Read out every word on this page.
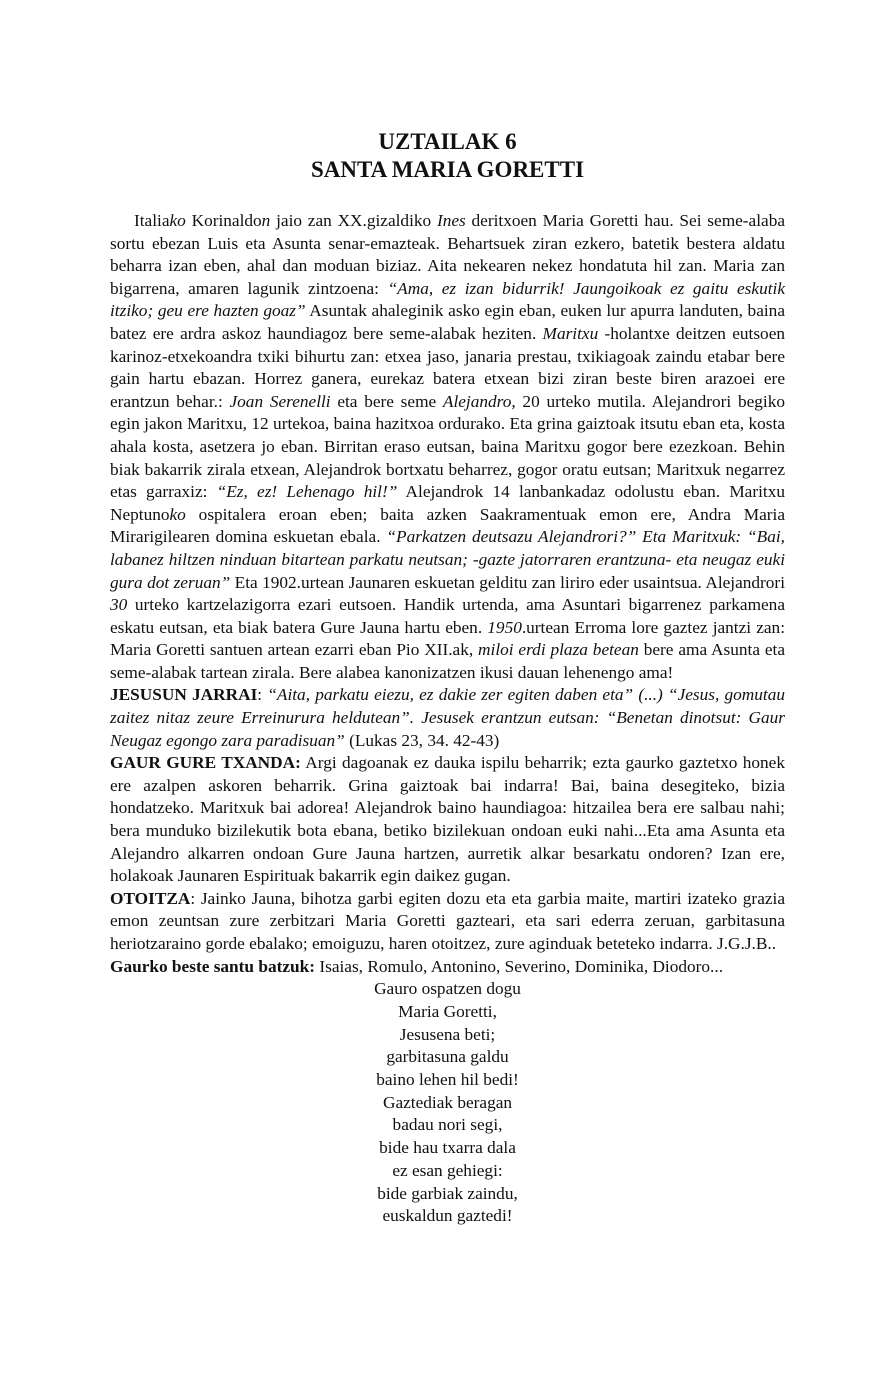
UZTAILAK 6
SANTA MARIA GORETTI

Italiako Korinaldon jaio zan XX.gizaldiko Ines deritxoen Maria Goretti hau. Sei seme-alaba sortu ebezan Luis eta Asunta senar-emazteak. Behartsuek ziran ezkero, batetik bestera aldatu beharra izan eben, ahal dan moduan biziaz. Aita nekearen nekez hondatuta hil zan. Maria zan bigarrena, amaren lagunik zintzoena: “Ama, ez izan bidurrik! Jaungoikoak ez gaitu eskutik itziko; geu ere hazten goaz” Asuntak ahaleginik asko egin eban, euken lur apurra landuten, baina batez ere ardra askoz haundiagoz bere seme-alabak heziten. Maritxu -holantxe deitzen eutsoen karinoz-etxekoandra txiki bihurtu zan: etxea jaso, janaria prestau, txikiagoak zaindu etabar bere gain hartu ebazan. Horrez ganera, eurekaz batera etxean bizi ziran beste biren arazoei ere erantzun behar.: Joan Serenelli eta bere seme Alejandro, 20 urteko mutila. Alejandrori begiko egin jakon Maritxu, 12 urtekoa, baina hazitxoa ordurako. Eta grina gaiztoak itsutu eban eta, kosta ahala kosta, asetzera jo eban. Birritan eraso eutsan, baina Maritxu gogor bere ezezkoan. Behin biak bakarrik zirala etxean, Alejandrok bortxatu beharrez, gogor oratu eutsan; Maritxuk negarrez etas garraxiz: “Ez, ez! Lehenago hil!” Alejandrok 14 lanbankadaz odolustu eban. Maritxu Neptunoko ospitalera eroan eben; baita azken Saakramentuak emon ere, Andra Maria Mirarigilearen domina eskuetan ebala. “Parkatzen deutsazu Alejandrori?” Eta Maritxuk: “Bai, labanez hiltzen ninduan bitartean parkatu neutsan; -gazte jatorraren erantzuna- eta neugaz euki gura dot zeruan” Eta 1902.urtean Jaunaren eskuetan gelditu zan liriro eder usaintsua. Alejandrori 30 urteko kartzelazigorra ezari eutsoen. Handik urtenda, ama Asuntari bigarrenez parkamena eskatu eutsan, eta biak batera Gure Jauna hartu eben. 1950.urtean Erroma lore gaztez jantzi zan: Maria Goretti santuen artean ezarri eban Pio XII.ak, miloi erdi plaza betean bere ama Asunta eta seme-alabak tartean zirala. Bere alabea kanonizatzen ikusi dauan lehenengo ama!

JESUSUN JARRAI: “Aita, parkatu eiezu, ez dakie zer egiten daben eta” (...) “Jesus, gomutau zaitez nitaz zeure Erreinurura heldutean”. Jesusek erantzun eutsan: “Benetan dinotsut: Gaur Neugaz egongo zara paradisuan” (Lukas 23, 34. 42-43)

GAUR GURE TXANDA: Argi dagoanak ez dauka ispilu beharrik; ezta gaurko gaztetxo honek ere azalpen askoren beharrik. Grina gaiztoak bai indarra! Bai, baina desegiteko, bizia hondatzeko. Maritxuk bai adorea! Alejandrok baino haundiagoa: hitzailea bera ere salbau nahi; bera munduko bizilekutik bota ebana, betiko bizilekuan ondoan euki nahi...Eta ama Asunta eta Alejandro alkarren ondoan Gure Jauna hartzen, aurretik alkar besarkatu ondoren? Izan ere, holakoak Jaunaren Espirituak bakarrik egin daikez gugan.

OTOITZA: Jainko Jauna, bihotza garbi egiten dozu eta eta garbia maite, martiri izateko grazia emon zeuntsan zure zerbitzari Maria Goretti gazteari, eta sari ederra zeruan, garbitasuna heriotzaraino gorde ebalako; emoiguzu, haren otoitzez, zure aginduak beteteko indarra. J.G.J.B..

Gaurko beste santu batzuk: Isaias, Romulo, Antonino, Severino, Dominika, Diodoro...

Gauro ospatzen dogu
Maria Goretti,
Jesusena beti;
garbitasuna galdu
baino lehen hil bedi!
Gaztediak beragan
badau nori segi,
bide hau txarra dala
ez esan gehiegi:
bide garbiak zaindu,
euskaldun gaztedi!
